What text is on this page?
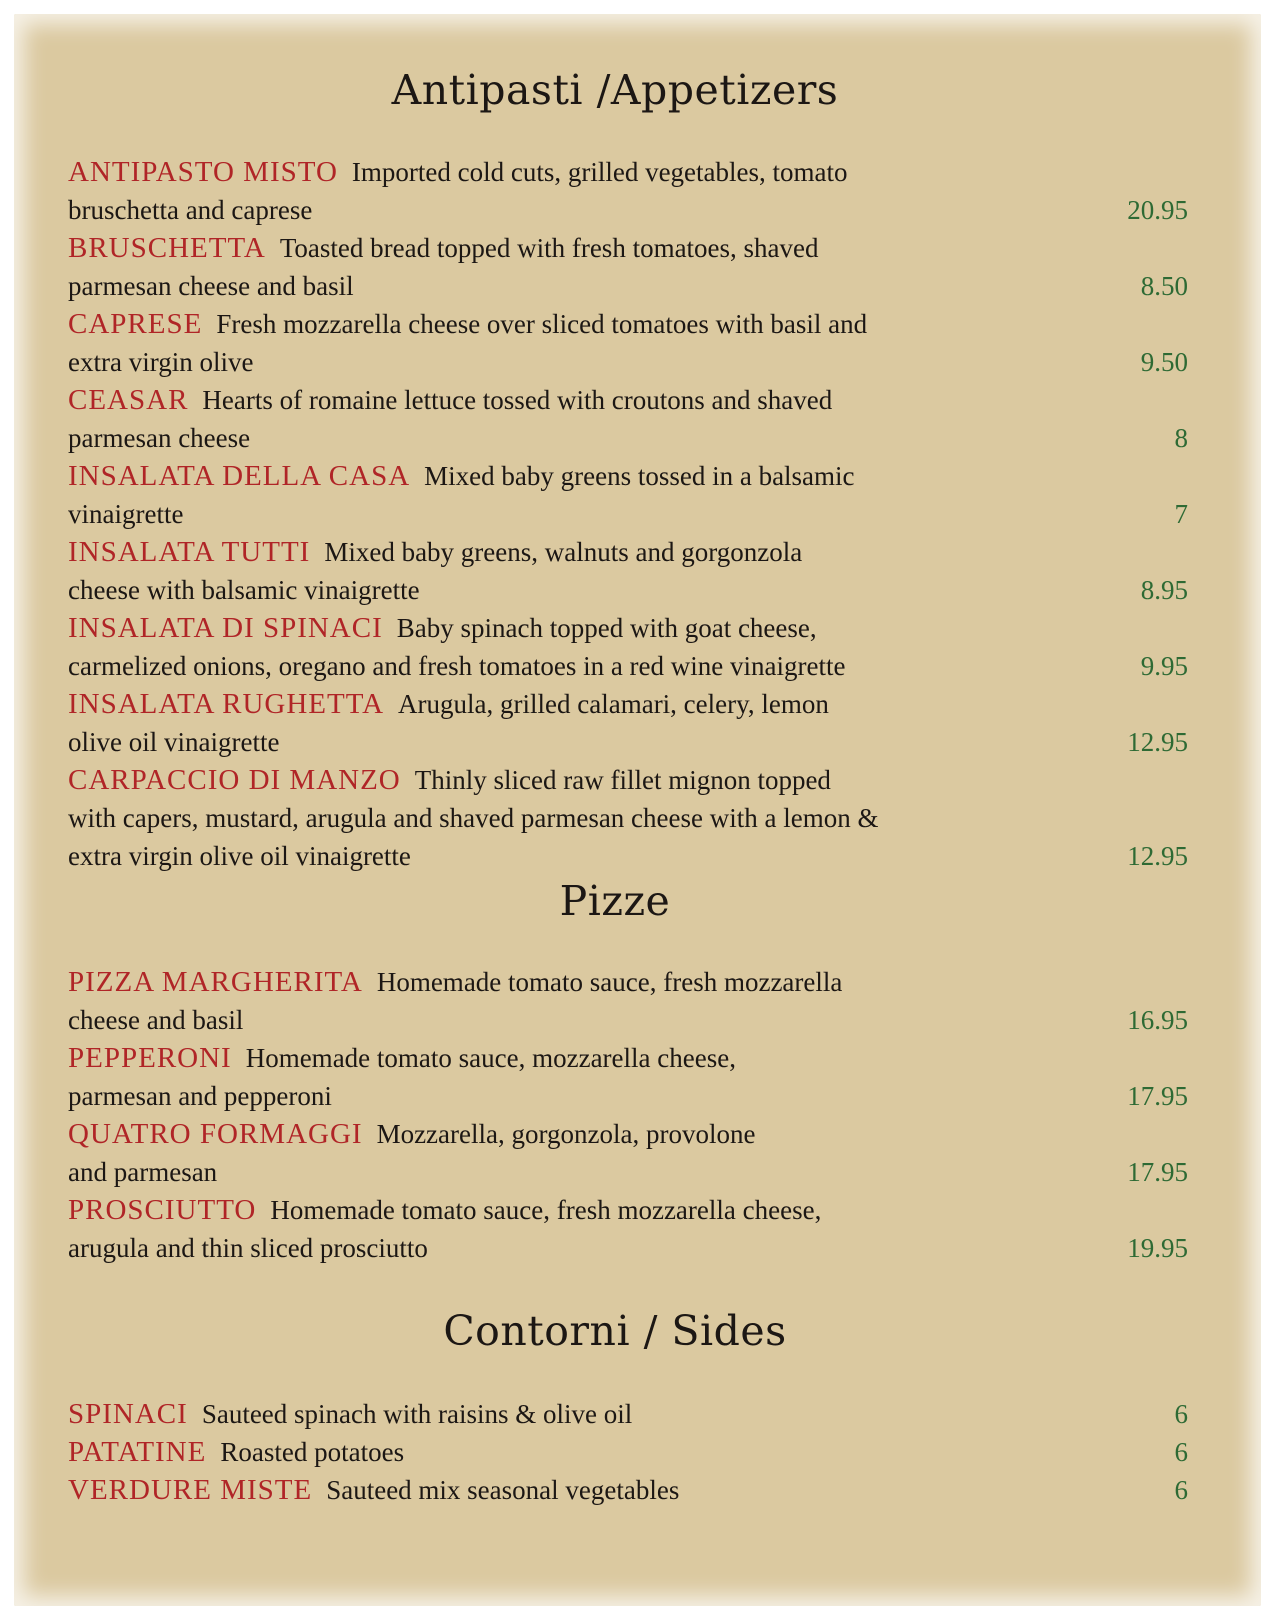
Antipasti /Appetizers
ANTIPASTO MISTO Imported cold cuts, grilled vegetables, tomato
bruschetta and caprese	20.95
BRUSCHETTA Toasted bread topped with fresh tomatoes, shaved
parmesan cheese and basil	8.50
CAPRESE Fresh mozzarella cheese over sliced tomatoes with basil and
extra virgin olive	9.50
CEASAR Hearts of romaine lettuce tossed with croutons and shaved
parmesan cheese	8
INSALATA DELLA CASA Mixed baby greens tossed in a balsamic
vinaigrette	7
INSALATA TUTTI Mixed baby greens, walnuts and gorgonzola
cheese with balsamic vinaigrette	8.95
INSALATA DI SPINACI Baby spinach topped with goat cheese,
carmelized onions, oregano and fresh tomatoes in a red wine vinaigrette	9.95
INSALATA RUGHETTA Arugula, grilled calamari, celery, lemon
olive oil vinaigrette	12.95
CARPACCIO DI MANZO Thinly sliced raw fillet mignon topped
with capers, mustard, arugula and shaved parmesan cheese with a lemon &
extra virgin olive oil vinaigrette	12.95
Pizze
PIZZA MARGHERITA Homemade tomato sauce, fresh mozzarella
cheese and basil	16.95
PEPPERONI Homemade tomato sauce, mozzarella cheese,
parmesan and pepperoni	17.95
QUATRO FORMAGGI Mozzarella, gorgonzola, provolone
and parmesan	17.95
PROSCIUTTO Homemade tomato sauce, fresh mozzarella cheese,
arugula and thin sliced prosciutto	19.95
Contorni / Sides
SPINACI Sauteed spinach with raisins & olive oil	6
PATATINE Roasted potatoes	6
VERDURE MISTE Sauteed mix seasonal vegetables	6
